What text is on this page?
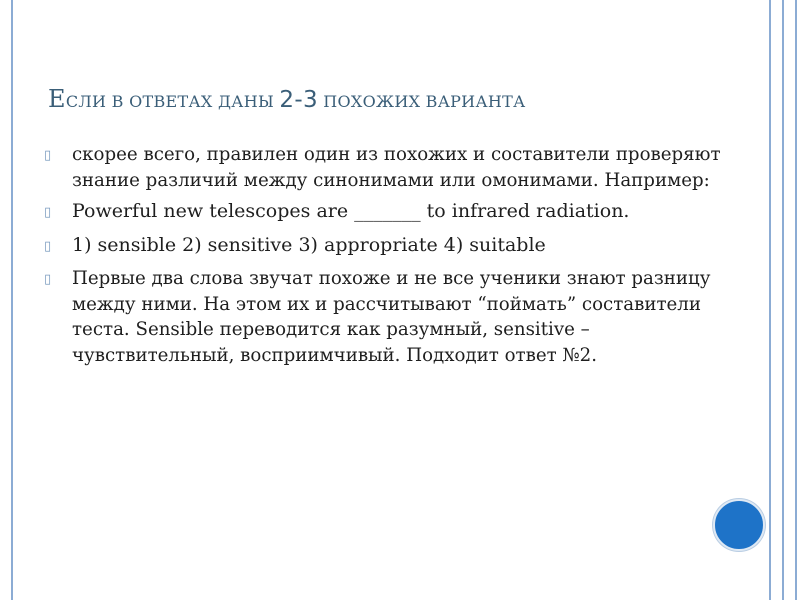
ЕСЛИ В ОТВЕТАХ ДАНЫ 2-3 ПОХОЖИХ ВАРИАНТА
▯ скорее всего, правилен один из похожих и составители проверяют знание различий между синонимами или омонимами. Например:
▯ Powerful new telescopes are _______ to infrared radiation.
▯ 1) sensible 2) sensitive 3) appropriate 4) suitable
▯ Первые два слова звучат похоже и не все ученики знают разницу между ними. На этом их и рассчитывают “поймать” составители теста. Sensible переводится как разумный, sensitive – чувствительный, восприимчивый. Подходит ответ №2.
